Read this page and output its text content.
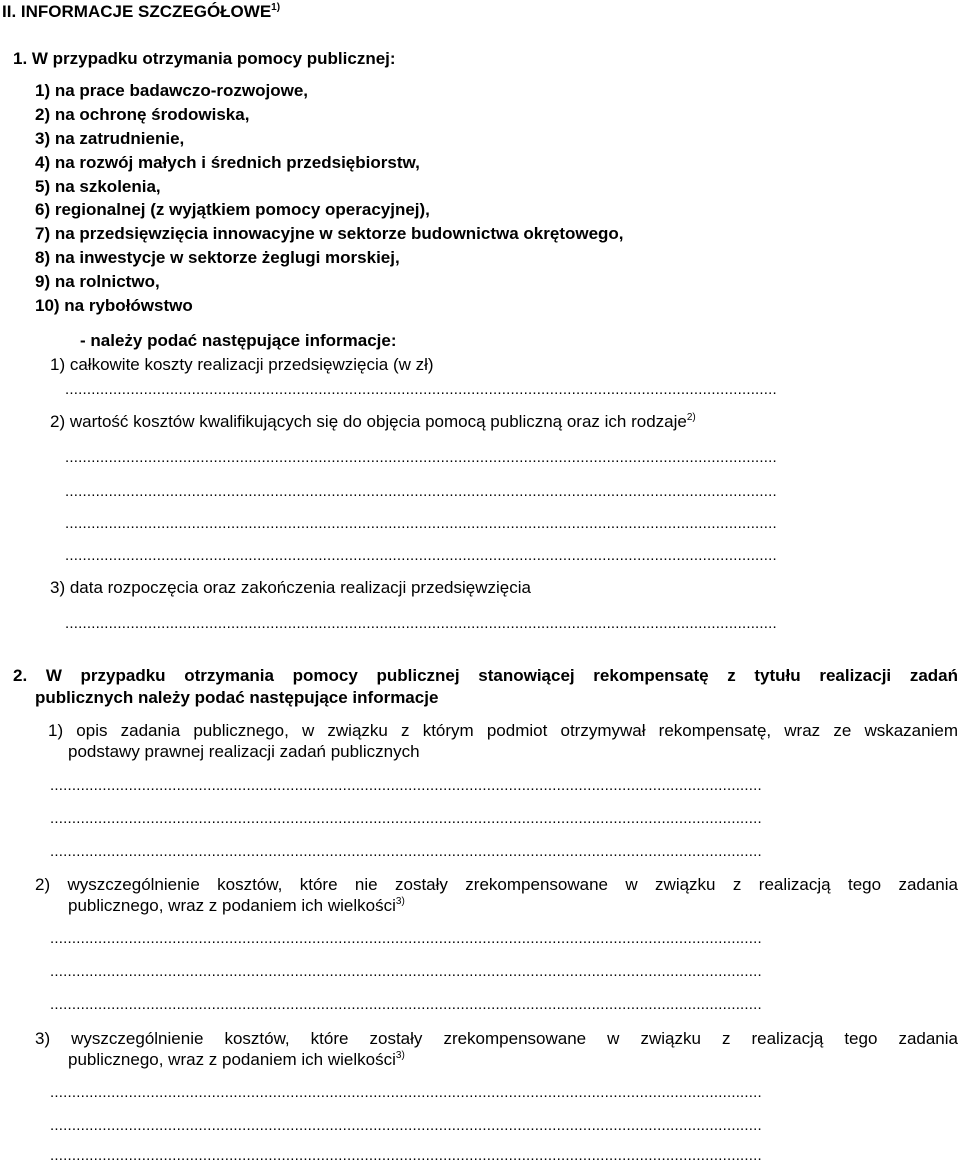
II. INFORMACJE SZCZEGÓŁOWE$^{1)}$
1. W przypadku otrzymania pomocy publicznej:
1) na prace badawczo-rozwojowe,
2) na ochronę środowiska,
3) na zatrudnienie,
4) na rozwój małych i średnich przedsiębiorstw,
5) na szkolenia,
6) regionalnej (z wyjątkiem pomocy operacyjnej),
7) na przedsięwzięcia innowacyjne w sektorze budownictwa okrętowego,
8) na inwestycje w sektorze żeglugi morskiej,
9) na rolnictwo,
10) na rybołówstwo
- należy podać następujące informacje:
1) całkowite koszty realizacji przedsięwzięcia (w zł)
...................................................................................................................................................................
2) wartość kosztów kwalifikujących się do objęcia pomocą publiczną oraz ich rodzaje$^{2)}$
...................................................................................................................................................................
...................................................................................................................................................................
...................................................................................................................................................................
...................................................................................................................................................................
3) data rozpoczęcia oraz zakończenia realizacji przedsięwzięcia
...................................................................................................................................................................
2. W przypadku otrzymania pomocy publicznej stanowiącej rekompensatę z tytułu realizacji zadań
publicznych należy podać następujące informacje
1) opis zadania publicznego, w związku z którym podmiot otrzymywał rekompensatę, wraz ze wskazaniem
podstawy prawnej realizacji zadań publicznych
...................................................................................................................................................................
...................................................................................................................................................................
...................................................................................................................................................................
2) wyszczególnienie kosztów, które nie zostały zrekompensowane w związku z realizacją tego zadania
publicznego, wraz z podaniem ich wielkości$^{3)}$
...................................................................................................................................................................
...................................................................................................................................................................
...................................................................................................................................................................
3) wyszczególnienie kosztów, które zostały zrekompensowane w związku z realizacją tego zadania
publicznego, wraz z podaniem ich wielkości$^{3)}$
...................................................................................................................................................................
...................................................................................................................................................................
...................................................................................................................................................................
